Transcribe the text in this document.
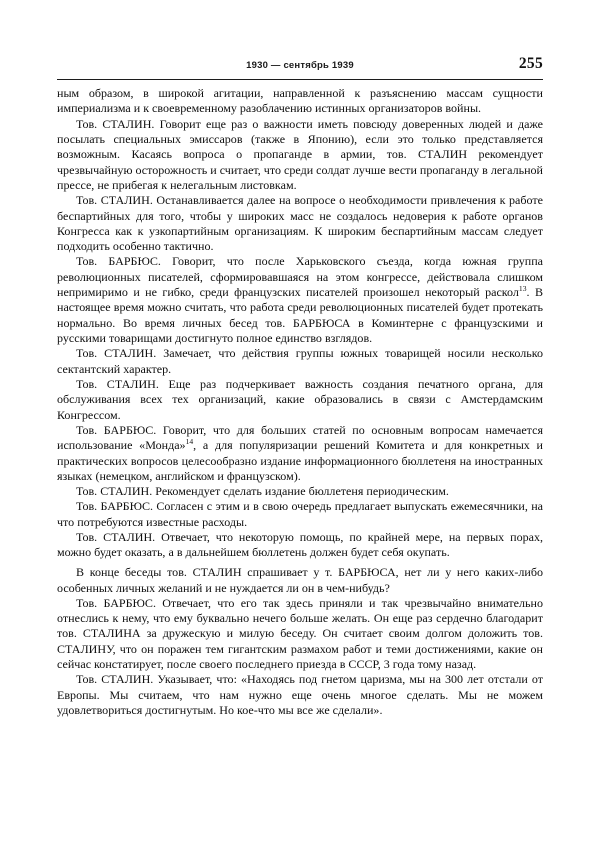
1930 — сентябрь 1939	255

ным образом, в широкой агитации, направленной к разъяснению массам сущности империализма и к своевременному разоблачению истинных организаторов войны.

Тов. СТАЛИН. Говорит еще раз о важности иметь повсюду доверенных людей и даже посылать специальных эмиссаров (также в Японию), если это только представляется возможным. Касаясь вопроса о пропаганде в армии, тов. СТАЛИН рекомендует чрезвычайную осторожность и считает, что среди солдат лучше вести пропаганду в легальной прессе, не прибегая к нелегальным листовкам.

Тов. СТАЛИН. Останавливается далее на вопросе о необходимости привлечения к работе беспартийных для того, чтобы у широких масс не создалось недоверия к работе органов Конгресса как к узкопартийным организациям. К широким беспартийным массам следует подходить особенно тактично.

Тов. БАРБЮС. Говорит, что после Харьковского съезда, когда южная группа революционных писателей, сформировавшаяся на этом конгрессе, действовала слишком непримиримо и не гибко, среди французских писателей произошел некоторый раскол$^{13}$. В настоящее время можно считать, что работа среди революционных писателей будет протекать нормально. Во время личных бесед тов. БАРБЮСА в Коминтерне с французскими и русскими товарищами достигнуто полное единство взглядов.

Тов. СТАЛИН. Замечает, что действия группы южных товарищей носили несколько сектантский характер.

Тов. СТАЛИН. Еще раз подчеркивает важность создания печатного органа, для обслуживания всех тех организаций, какие образовались в связи с Амстердамским Конгрессом.

Тов. БАРБЮС. Говорит, что для больших статей по основным вопросам намечается использование «Монда»$^{14}$, а для популяризации решений Комитета и для конкретных и практических вопросов целесообразно издание информационного бюллетеня на иностранных языках (немецком, английском и французском).

Тов. СТАЛИН. Рекомендует сделать издание бюллетеня периодическим.

Тов. БАРБЮС. Согласен с этим и в свою очередь предлагает выпускать ежемесячники, на что потребуются известные расходы.

Тов. СТАЛИН. Отвечает, что некоторую помощь, по крайней мере, на первых порах, можно будет оказать, а в дальнейшем бюллетень должен будет себя окупать.

В конце беседы тов. СТАЛИН спрашивает у т. БАРБЮСА, нет ли у него каких-либо особенных личных желаний и не нуждается ли он в чем-нибудь?

Тов. БАРБЮС. Отвечает, что его так здесь приняли и так чрезвычайно внимательно отнеслись к нему, что ему буквально нечего больше желать. Он еще раз сердечно благодарит тов. СТАЛИНА за дружескую и милую беседу. Он считает своим долгом доложить тов. СТАЛИНУ, что он поражен тем гигантским размахом работ и теми достижениями, какие он сейчас констатирует, после своего последнего приезда в СССР, 3 года тому назад.

Тов. СТАЛИН. Указывает, что: «Находясь под гнетом царизма, мы на 300 лет отстали от Европы. Мы считаем, что нам нужно еще очень многое сделать. Мы не можем удовлетвориться достигнутым. Но кое-что мы все же сделали».
